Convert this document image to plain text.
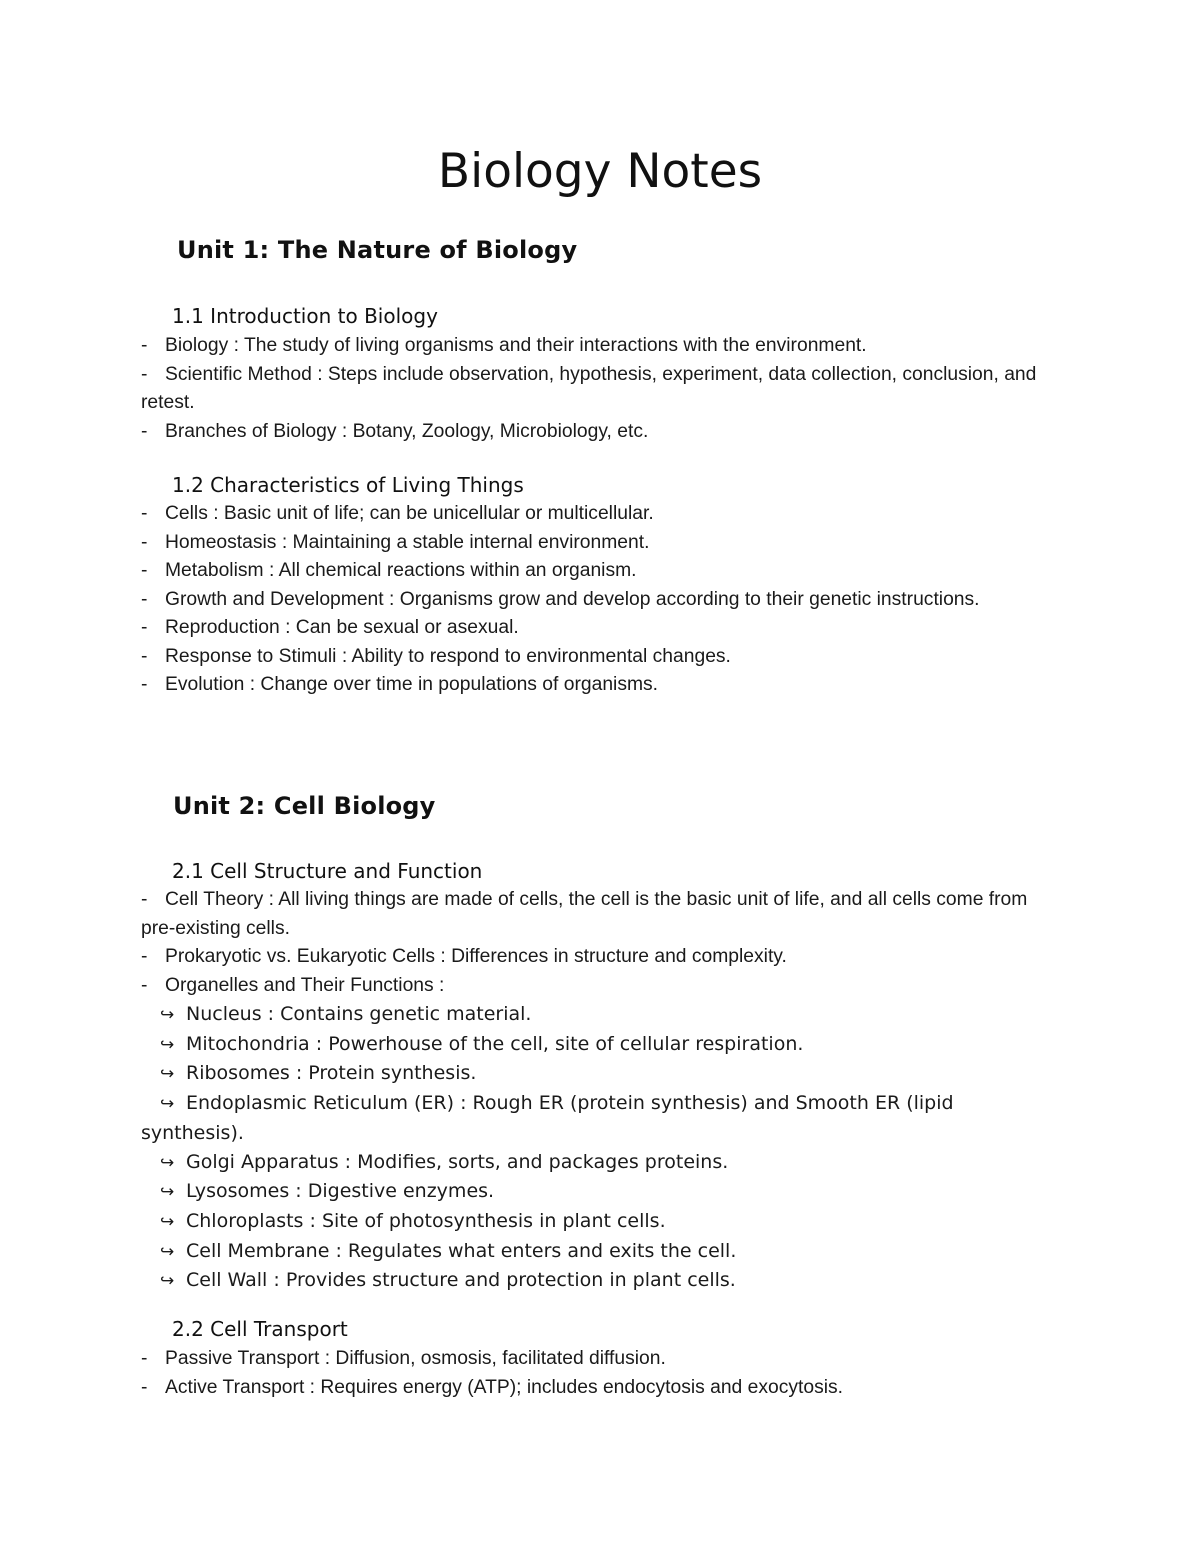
Biology Notes
Unit 1: The Nature of Biology
1.1 Introduction to Biology
- Biology : The study of living organisms and their interactions with the environment.
- Scientific Method : Steps include observation, hypothesis, experiment, data collection, conclusion, and retest.
- Branches of Biology : Botany, Zoology, Microbiology, etc.
1.2 Characteristics of Living Things
- Cells : Basic unit of life; can be unicellular or multicellular.
- Homeostasis : Maintaining a stable internal environment.
- Metabolism : All chemical reactions within an organism.
- Growth and Development : Organisms grow and develop according to their genetic instructions.
- Reproduction : Can be sexual or asexual.
- Response to Stimuli : Ability to respond to environmental changes.
- Evolution : Change over time in populations of organisms.
Unit 2: Cell Biology
2.1 Cell Structure and Function
- Cell Theory : All living things are made of cells, the cell is the basic unit of life, and all cells come from pre-existing cells.
- Prokaryotic vs. Eukaryotic Cells : Differences in structure and complexity.
- Organelles and Their Functions :
↪ Nucleus : Contains genetic material.
↪ Mitochondria : Powerhouse of the cell, site of cellular respiration.
↪ Ribosomes : Protein synthesis.
↪ Endoplasmic Reticulum (ER) : Rough ER (protein synthesis) and Smooth ER (lipid synthesis).
↪ Golgi Apparatus : Modifies, sorts, and packages proteins.
↪ Lysosomes : Digestive enzymes.
↪ Chloroplasts : Site of photosynthesis in plant cells.
↪ Cell Membrane : Regulates what enters and exits the cell.
↪ Cell Wall : Provides structure and protection in plant cells.
2.2 Cell Transport
- Passive Transport : Diffusion, osmosis, facilitated diffusion.
- Active Transport : Requires energy (ATP); includes endocytosis and exocytosis.
